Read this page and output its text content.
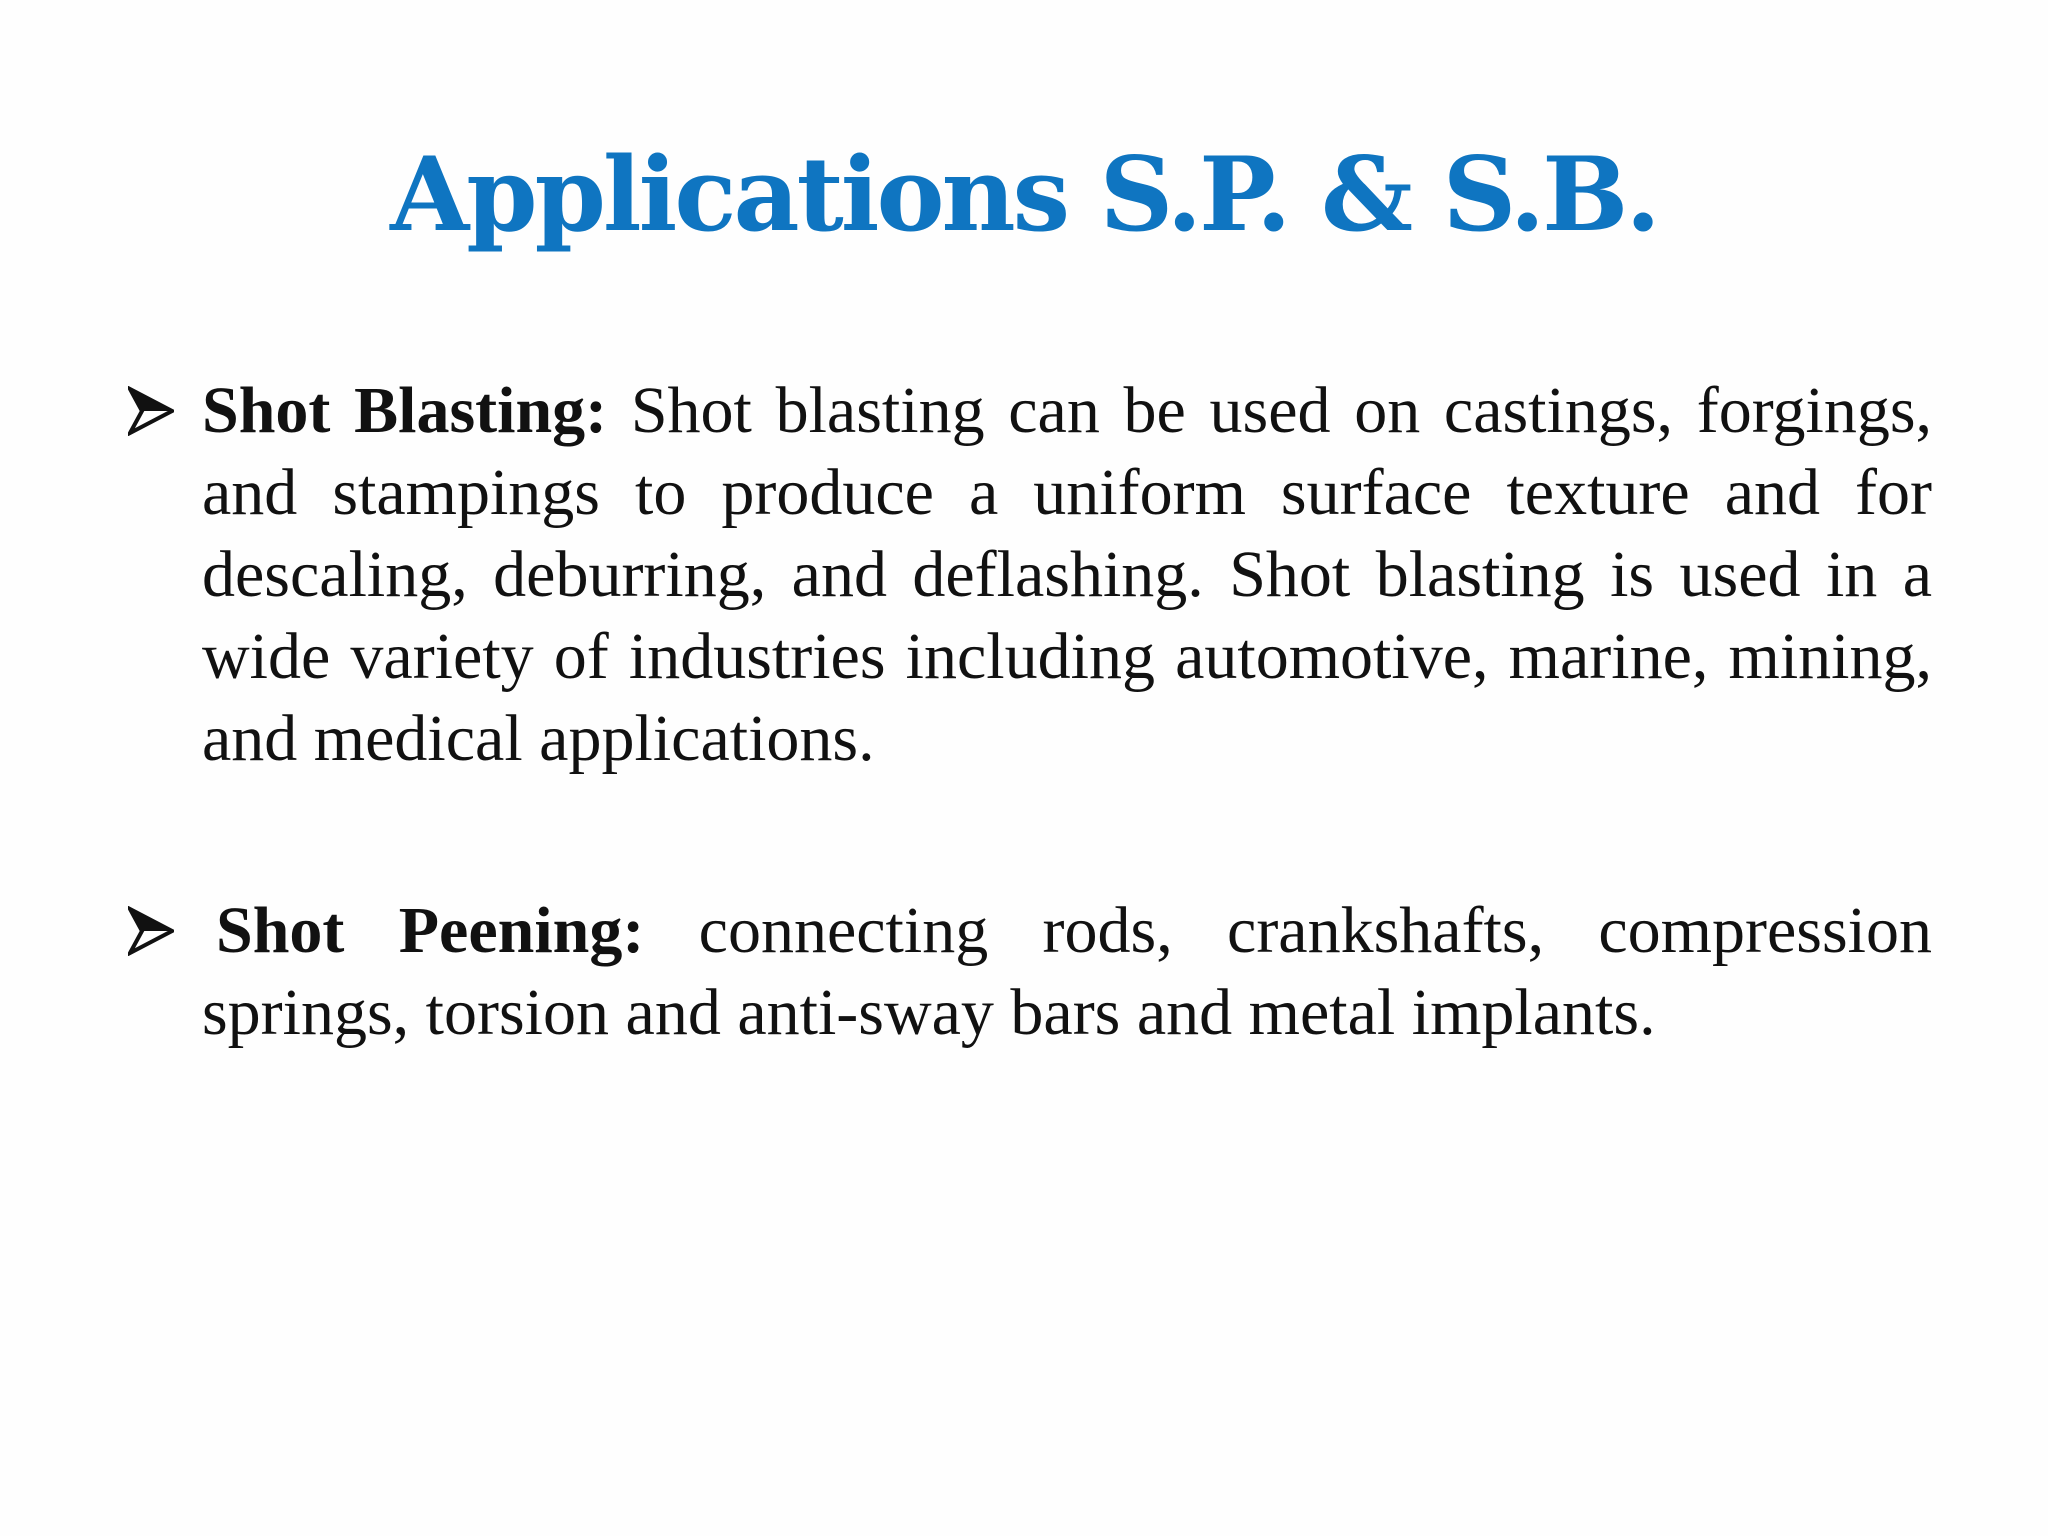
Applications S.P. & S.B.
Shot Blasting: Shot blasting can be used on castings, forgings, and stampings to produce a uniform surface texture and for descaling, deburring, and deflashing. Shot blasting is used in a wide variety of industries including automotive, marine, mining, and medical applications.
Shot Peening: connecting rods, crankshafts, compression springs, torsion and anti-sway bars and metal implants.
